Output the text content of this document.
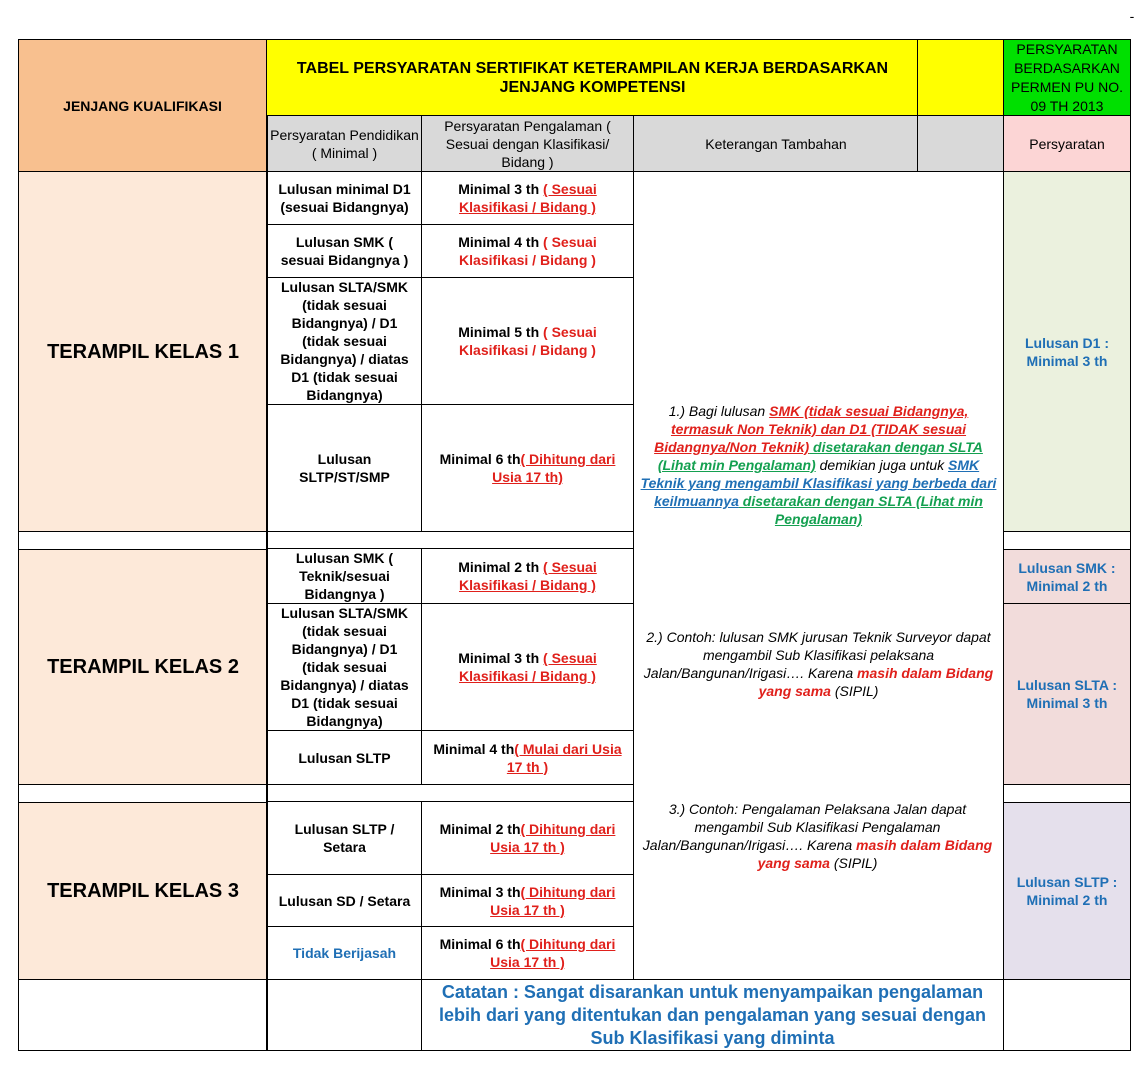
-
JENJANG KUALIFIKASI
TABEL PERSYARATAN SERTIFIKAT KETERAMPILAN KERJA BERDASARKAN JENJANG KOMPETENSI
PERSYARATAN BERDASARKAN PERMEN PU NO. 09 TH 2013
Persyaratan Pendidikan ( Minimal )
Persyaratan Pengalaman ( Sesuai dengan Klasifikasi/ Bidang )
Keterangan Tambahan	Persyaratan
TERAMPIL KELAS 1
TERAMPIL KELAS 2
TERAMPIL KELAS 3
Lulusan minimal D1 (sesuai Bidangnya)
Minimal 3 th ( Sesuai Klasifikasi / Bidang )
Lulusan SMK ( sesuai Bidangnya )
Minimal 4 th ( Sesuai Klasifikasi / Bidang )
Lulusan SLTA/SMK (tidak sesuai Bidangnya) / D1 (tidak sesuai Bidangnya) / diatas D1 (tidak sesuai Bidangnya)
Minimal 5 th ( Sesuai Klasifikasi / Bidang )
Lulusan SLTP/ST/SMP
Minimal 6 th( Dihitung dari Usia 17 th)
Lulusan SMK ( Teknik/sesuai Bidangnya )
Minimal 2 th ( Sesuai Klasifikasi / Bidang )
Lulusan SLTA/SMK (tidak sesuai Bidangnya) / D1 (tidak sesuai Bidangnya) / diatas D1 (tidak sesuai Bidangnya)
Minimal 3 th ( Sesuai Klasifikasi / Bidang )
Lulusan SLTP
Minimal 4 th( Mulai dari Usia 17 th )
Lulusan SLTP / Setara
Minimal 2 th( Dihitung dari Usia 17 th )
Lulusan SD / Setara
Minimal 3 th( Dihitung dari Usia 17 th )
Tidak Berijasah
Minimal 6 th( Dihitung dari Usia 17 th )
1.) Bagi lulusan SMK (tidak sesuai Bidangnya, termasuk Non Teknik) dan D1 (TIDAK sesuai Bidangnya/Non Teknik) disetarakan dengan SLTA (Lihat min Pengalaman) demikian juga untuk SMK Teknik yang mengambil Klasifikasi yang berbeda dari keilmuannya disetarakan dengan SLTA (Lihat min Pengalaman)
2.) Contoh: lulusan SMK jurusan Teknik Surveyor dapat mengambil Sub Klasifikasi pelaksana Jalan/Bangunan/Irigasi…. Karena masih dalam Bidang yang sama (SIPIL)
3.) Contoh: Pengalaman Pelaksana Jalan dapat mengambil Sub Klasifikasi Pengalaman Jalan/Bangunan/Irigasi…. Karena masih dalam Bidang yang sama (SIPIL)
Lulusan D1 : Minimal 3 th
Lulusan SMK : Minimal 2 th
Lulusan SLTA : Minimal 3 th
Lulusan SLTP : Minimal 2 th
Catatan : Sangat disarankan untuk menyampaikan pengalaman lebih dari yang ditentukan dan pengalaman yang sesuai dengan Sub Klasifikasi yang diminta
